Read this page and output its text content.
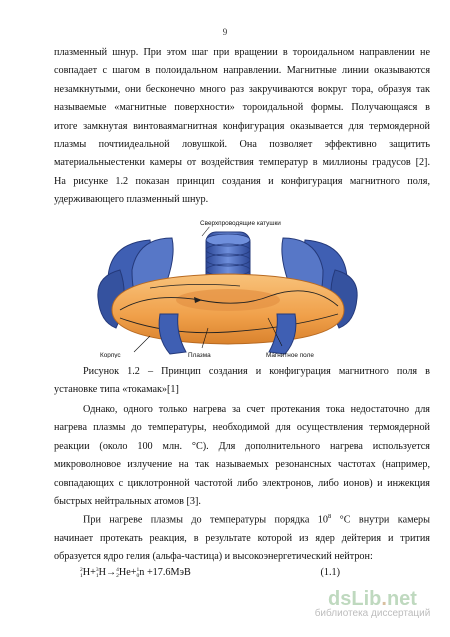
9
плазменный шнур. При этом шаг при вращении в тороидальном направлении не
совпадает с шагом в полоидальном направлении. Магнитные линии оказываются
незамкнутыми, они бесконечно много раз закручиваются вокруг тора, образуя так
называемые «магнитные поверхности» тороидальной формы. Получающаяся в
итоге замкнутая винтоваямагнитная конфигурация оказывается для термоядерной
плазмы почтиидеальной ловушкой. Она позволяет эффективно защитить
материальныестенки камеры от воздействия температур в миллионы градусов [2].
На рисунке 1.2 показан принцип создания и конфигурация магнитного поля,
удерживающего плазменный шнур.
Сверхпроводящие катушки
Корпус	Плазма	Магнитное поле
Рисунок 1.2 – Принцип создания и конфигурация магнитного поля в
установке типа «токамак»[1]
Однако, одного только нагрева за счет протекания тока недостаточно для
нагрева плазмы до температуры, необходимой для осуществления термоядерной
реакции (около 100 млн. °С). Для дополнительного нагрева используется
микроволновое излучение на так называемых резонансных частотах (например,
совпадающих с циклотронной частотой либо электронов, либо ионов) и инжекция
быстрых нейтральных атомов [3].
При нагреве плазмы до температуры порядка $10^8$ °С внутри камеры
начинает протекать реакция, в результате которой из ядер дейтерия и трития
образуется ядро гелия (альфа-частица) и высокоэнергетический нейтрон:
2
1 H+ 3
1 H→ 4
2 He+ 1
0 n +17.6МэВ	(1.1)
dsLib.net
библиотека диссертаций
